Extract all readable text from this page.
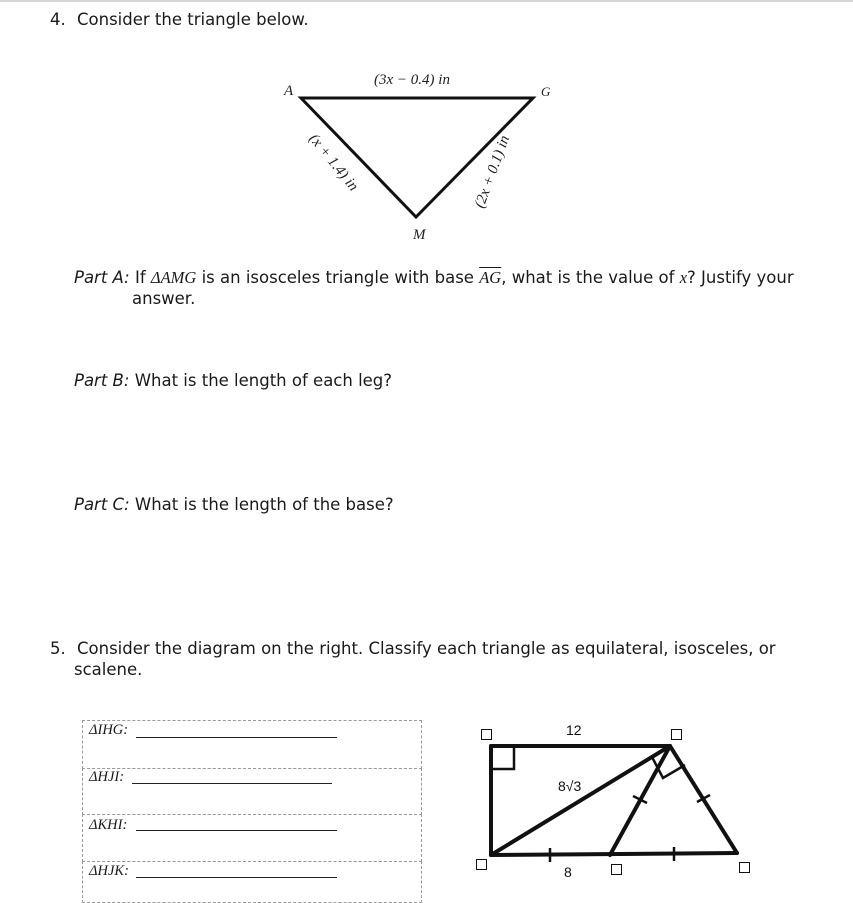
4. Consider the triangle below.
A	G
M
(3x − 0.4) in
(x + 1.4) in	(2x + 0.1) in
Part A: If ΔAMG is an isosceles triangle with base $\overline{AG}$, what is the value of x? Justify your
answer.
Part B: What is the length of each leg?
Part C: What is the length of the base?
5. Consider the diagram on the right. Classify each triangle as equilateral, isosceles, or
scalene.
ΔIHG:
ΔHJI:
ΔKHI:
ΔHJK:
12
8√3
8
